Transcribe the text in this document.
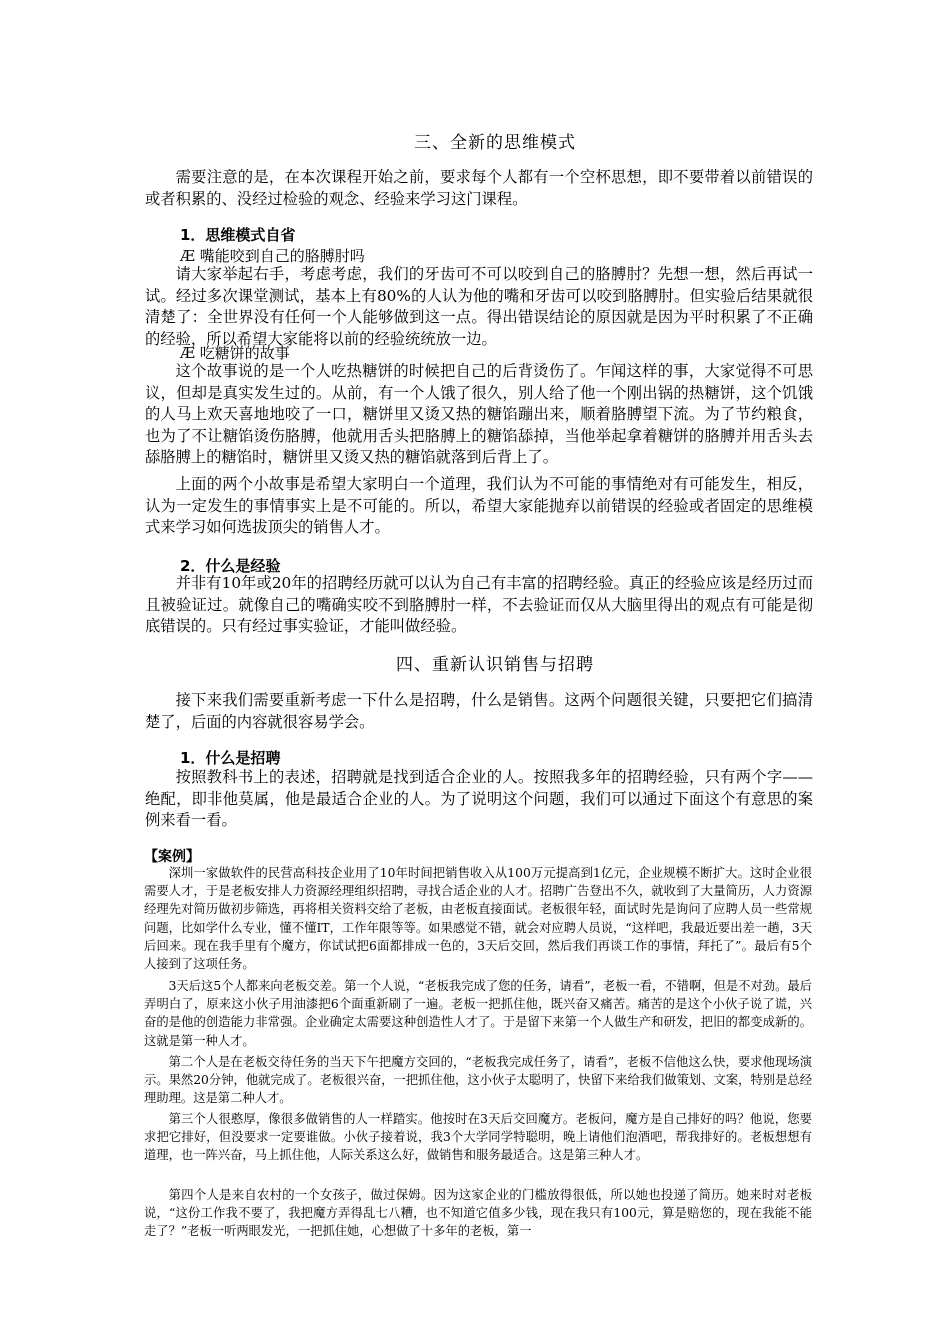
三、全新的思维模式

需要注意的是，在本次课程开始之前，要求每个人都有一个空杯思想，即不要带着以前错误的或者积累的、没经过检验的观念、经验来学习这门课程。

1．思维模式自省
Æ 嘴能咬到自己的胳膊肘吗

请大家举起右手，考虑考虑，我们的牙齿可不可以咬到自己的胳膊肘？先想一想，然后再试一试。经过多次课堂测试，基本上有80%的人认为他的嘴和牙齿可以咬到胳膊肘。但实验后结果就很清楚了：全世界没有任何一个人能够做到这一点。得出错误结论的原因就是因为平时积累了不正确的经验，所以希望大家能将以前的经验统统放一边。

Æ 吃糖饼的故事

这个故事说的是一个人吃热糖饼的时候把自己的后背烫伤了。乍闻这样的事，大家觉得不可思议，但却是真实发生过的。从前，有一个人饿了很久，别人给了他一个刚出锅的热糖饼，这个饥饿的人马上欢天喜地地咬了一口，糖饼里又烫又热的糖馅蹦出来，顺着胳膊望下流。为了节约粮食，也为了不让糖馅烫伤胳膊，他就用舌头把胳膊上的糖馅舔掉，当他举起拿着糖饼的胳膊并用舌头去舔胳膊上的糖馅时，糖饼里又烫又热的糖馅就落到后背上了。

上面的两个小故事是希望大家明白一个道理，我们认为不可能的事情绝对有可能发生，相反，认为一定发生的事情事实上是不可能的。所以，希望大家能抛弃以前错误的经验或者固定的思维模式来学习如何选拔顶尖的销售人才。

2．什么是经验

并非有10年或20年的招聘经历就可以认为自己有丰富的招聘经验。真正的经验应该是经历过而且被验证过。就像自己的嘴确实咬不到胳膊肘一样，不去验证而仅从大脑里得出的观点有可能是彻底错误的。只有经过事实验证，才能叫做经验。

四、重新认识销售与招聘

接下来我们需要重新考虑一下什么是招聘，什么是销售。这两个问题很关键，只要把它们搞清楚了，后面的内容就很容易学会。

1．什么是招聘

按照教科书上的表述，招聘就是找到适合企业的人。按照我多年的招聘经验，只有两个字——绝配，即非他莫属，他是最适合企业的人。为了说明这个问题，我们可以通过下面这个有意思的案例来看一看。

【案例】

深圳一家做软件的民营高科技企业用了10年时间把销售收入从100万元提高到1亿元，企业规模不断扩大。这时企业很需要人才，于是老板安排人力资源经理组织招聘，寻找合适企业的人才。招聘广告登出不久，就收到了大量简历，人力资源经理先对简历做初步筛选，再将相关资料交给了老板，由老板直接面试。老板很年轻，面试时先是询问了应聘人员一些常规问题，比如学什么专业，懂不懂IT，工作年限等等。如果感觉不错，就会对应聘人员说，“这样吧，我最近要出差一趟，3天后回来。现在我手里有个魔方，你试试把6面都排成一色的，3天后交回，然后我们再谈工作的事情，拜托了”。最后有5个人接到了这项任务。

3天后这5个人都来向老板交差。第一个人说，“老板我完成了您的任务，请看”，老板一看，不错啊，但是不对劲。最后弄明白了，原来这小伙子用油漆把6个面重新刷了一遍。老板一把抓住他，既兴奋又痛苦。痛苦的是这个小伙子说了谎，兴奋的是他的创造能力非常强。企业确定太需要这种创造性人才了。于是留下来第一个人做生产和研发，把旧的都变成新的。这就是第一种人才。

第二个人是在老板交待任务的当天下午把魔方交回的，“老板我完成任务了，请看”，老板不信他这么快，要求他现场演示。果然20分钟，他就完成了。老板很兴奋，一把抓住他，这小伙子太聪明了，快留下来给我们做策划、文案，特别是总经理助理。这是第二种人才。

第三个人很憨厚，像很多做销售的人一样踏实。他按时在3天后交回魔方。老板问，魔方是自己排好的吗？他说，您要求把它排好，但没要求一定要谁做。小伙子接着说，我3个大学同学特聪明，晚上请他们泡酒吧，帮我排好的。老板想想有道理，也一阵兴奋，马上抓住他，人际关系这么好，做销售和服务最适合。这是第三种人才。

第四个人是来自农村的一个女孩子，做过保姆。因为这家企业的门槛放得很低，所以她也投递了简历。她来时对老板说，“这份工作我不要了，我把魔方弄得乱七八糟，也不知道它值多少钱，现在我只有100元，算是赔您的，现在我能不能走了？”老板一听两眼发光，一把抓住她，心想做了十多年的老板，第一
